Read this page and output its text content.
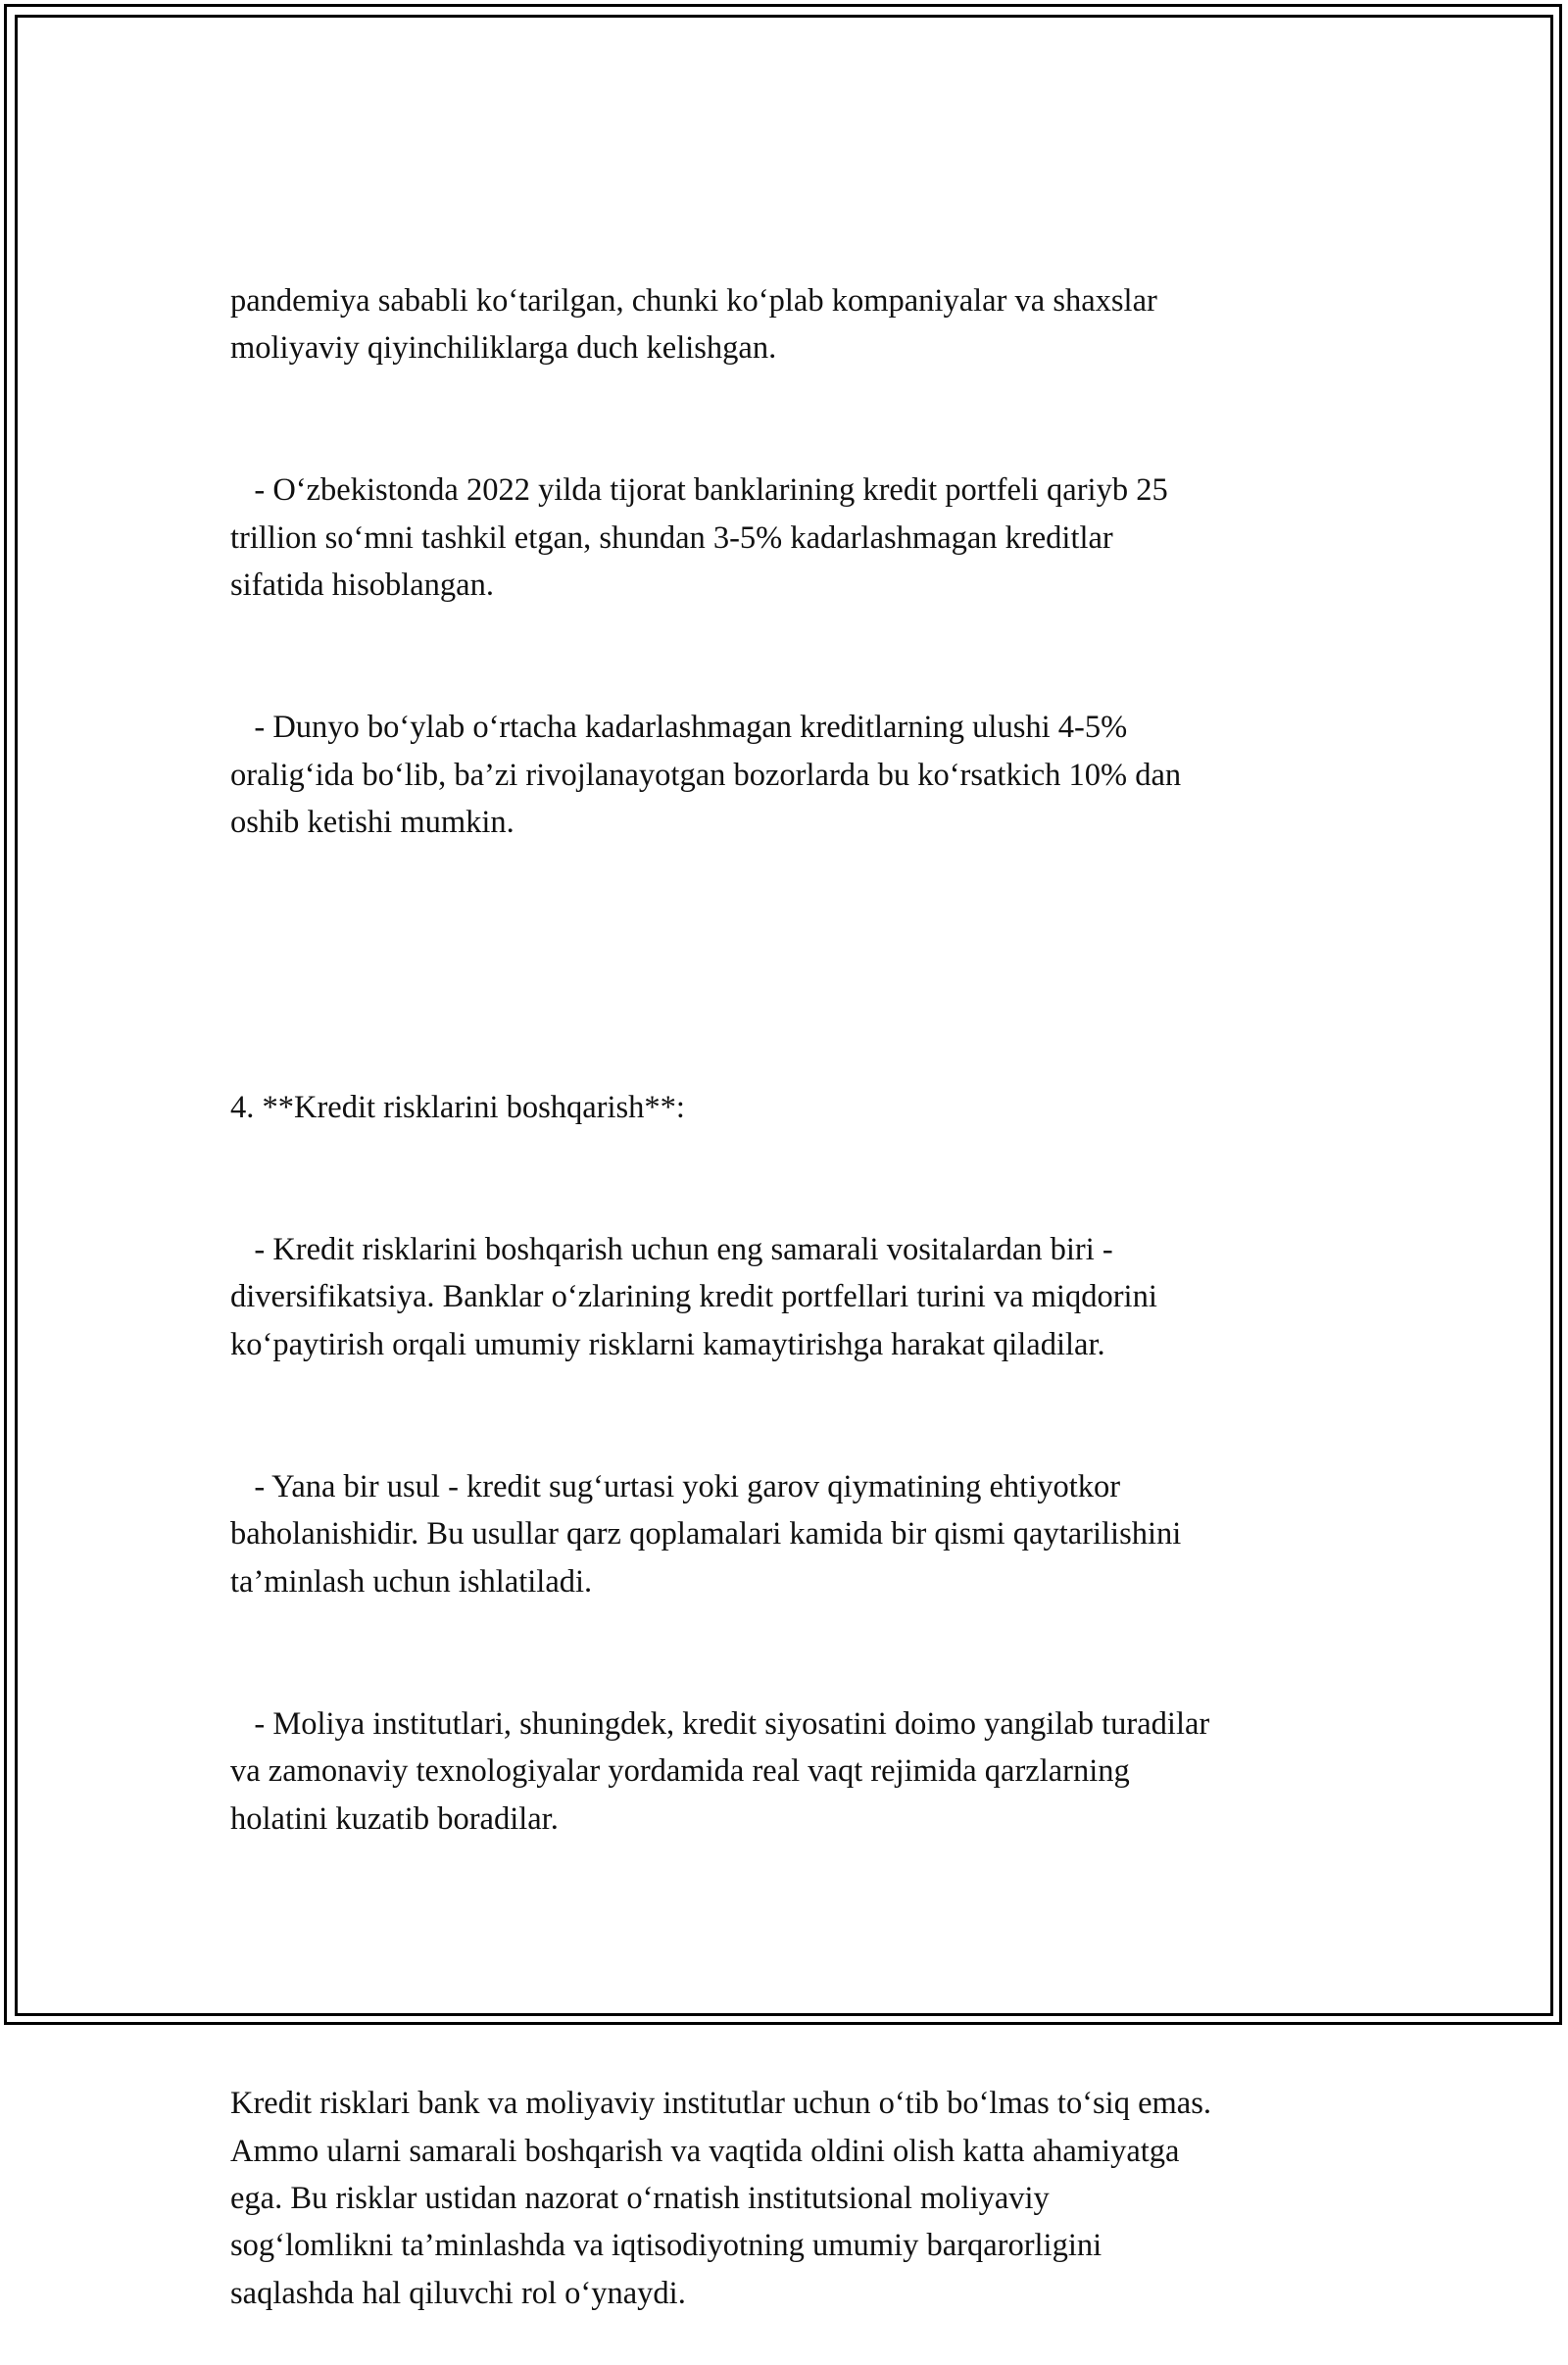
pandemiya sababli ko‘tarilgan, chunki ko‘plab kompaniyalar va shaxslar
moliyaviy qiyinchiliklarga duch kelishgan.

- O‘zbekistonda 2022 yilda tijorat banklarining kredit portfeli qariyb 25
trillion so‘mni tashkil etgan, shundan 3-5% kadarlashmagan kreditlar
sifatida hisoblangan.

- Dunyo bo‘ylab o‘rtacha kadarlashmagan kreditlarning ulushi 4-5%
oralig‘ida bo‘lib, ba’zi rivojlanayotgan bozorlarda bu ko‘rsatkich 10% dan
oshib ketishi mumkin.

4. **Kredit risklarini boshqarish**:

- Kredit risklarini boshqarish uchun eng samarali vositalardan biri -
diversifikatsiya. Banklar o‘zlarining kredit portfellari turini va miqdorini
ko‘paytirish orqali umumiy risklarni kamaytirishga harakat qiladilar.

- Yana bir usul - kredit sug‘urtasi yoki garov qiymatining ehtiyotkor
baholanishidir. Bu usullar qarz qoplamalari kamida bir qismi qaytarilishini
ta’minlash uchun ishlatiladi.

- Moliya institutlari, shuningdek, kredit siyosatini doimo yangilab turadilar
va zamonaviy texnologiyalar yordamida real vaqt rejimida qarzlarning
holatini kuzatib boradilar.

Kredit risklari bank va moliyaviy institutlar uchun o‘tib bo‘lmas to‘siq emas.
Ammo ularni samarali boshqarish va vaqtida oldini olish katta ahamiyatga
ega. Bu risklar ustidan nazorat o‘rnatish institutsional moliyaviy
sog‘lomlikni ta’minlashda va iqtisodiyotning umumiy barqarorligini
saqlashda hal qiluvchi rol o‘ynaydi.
